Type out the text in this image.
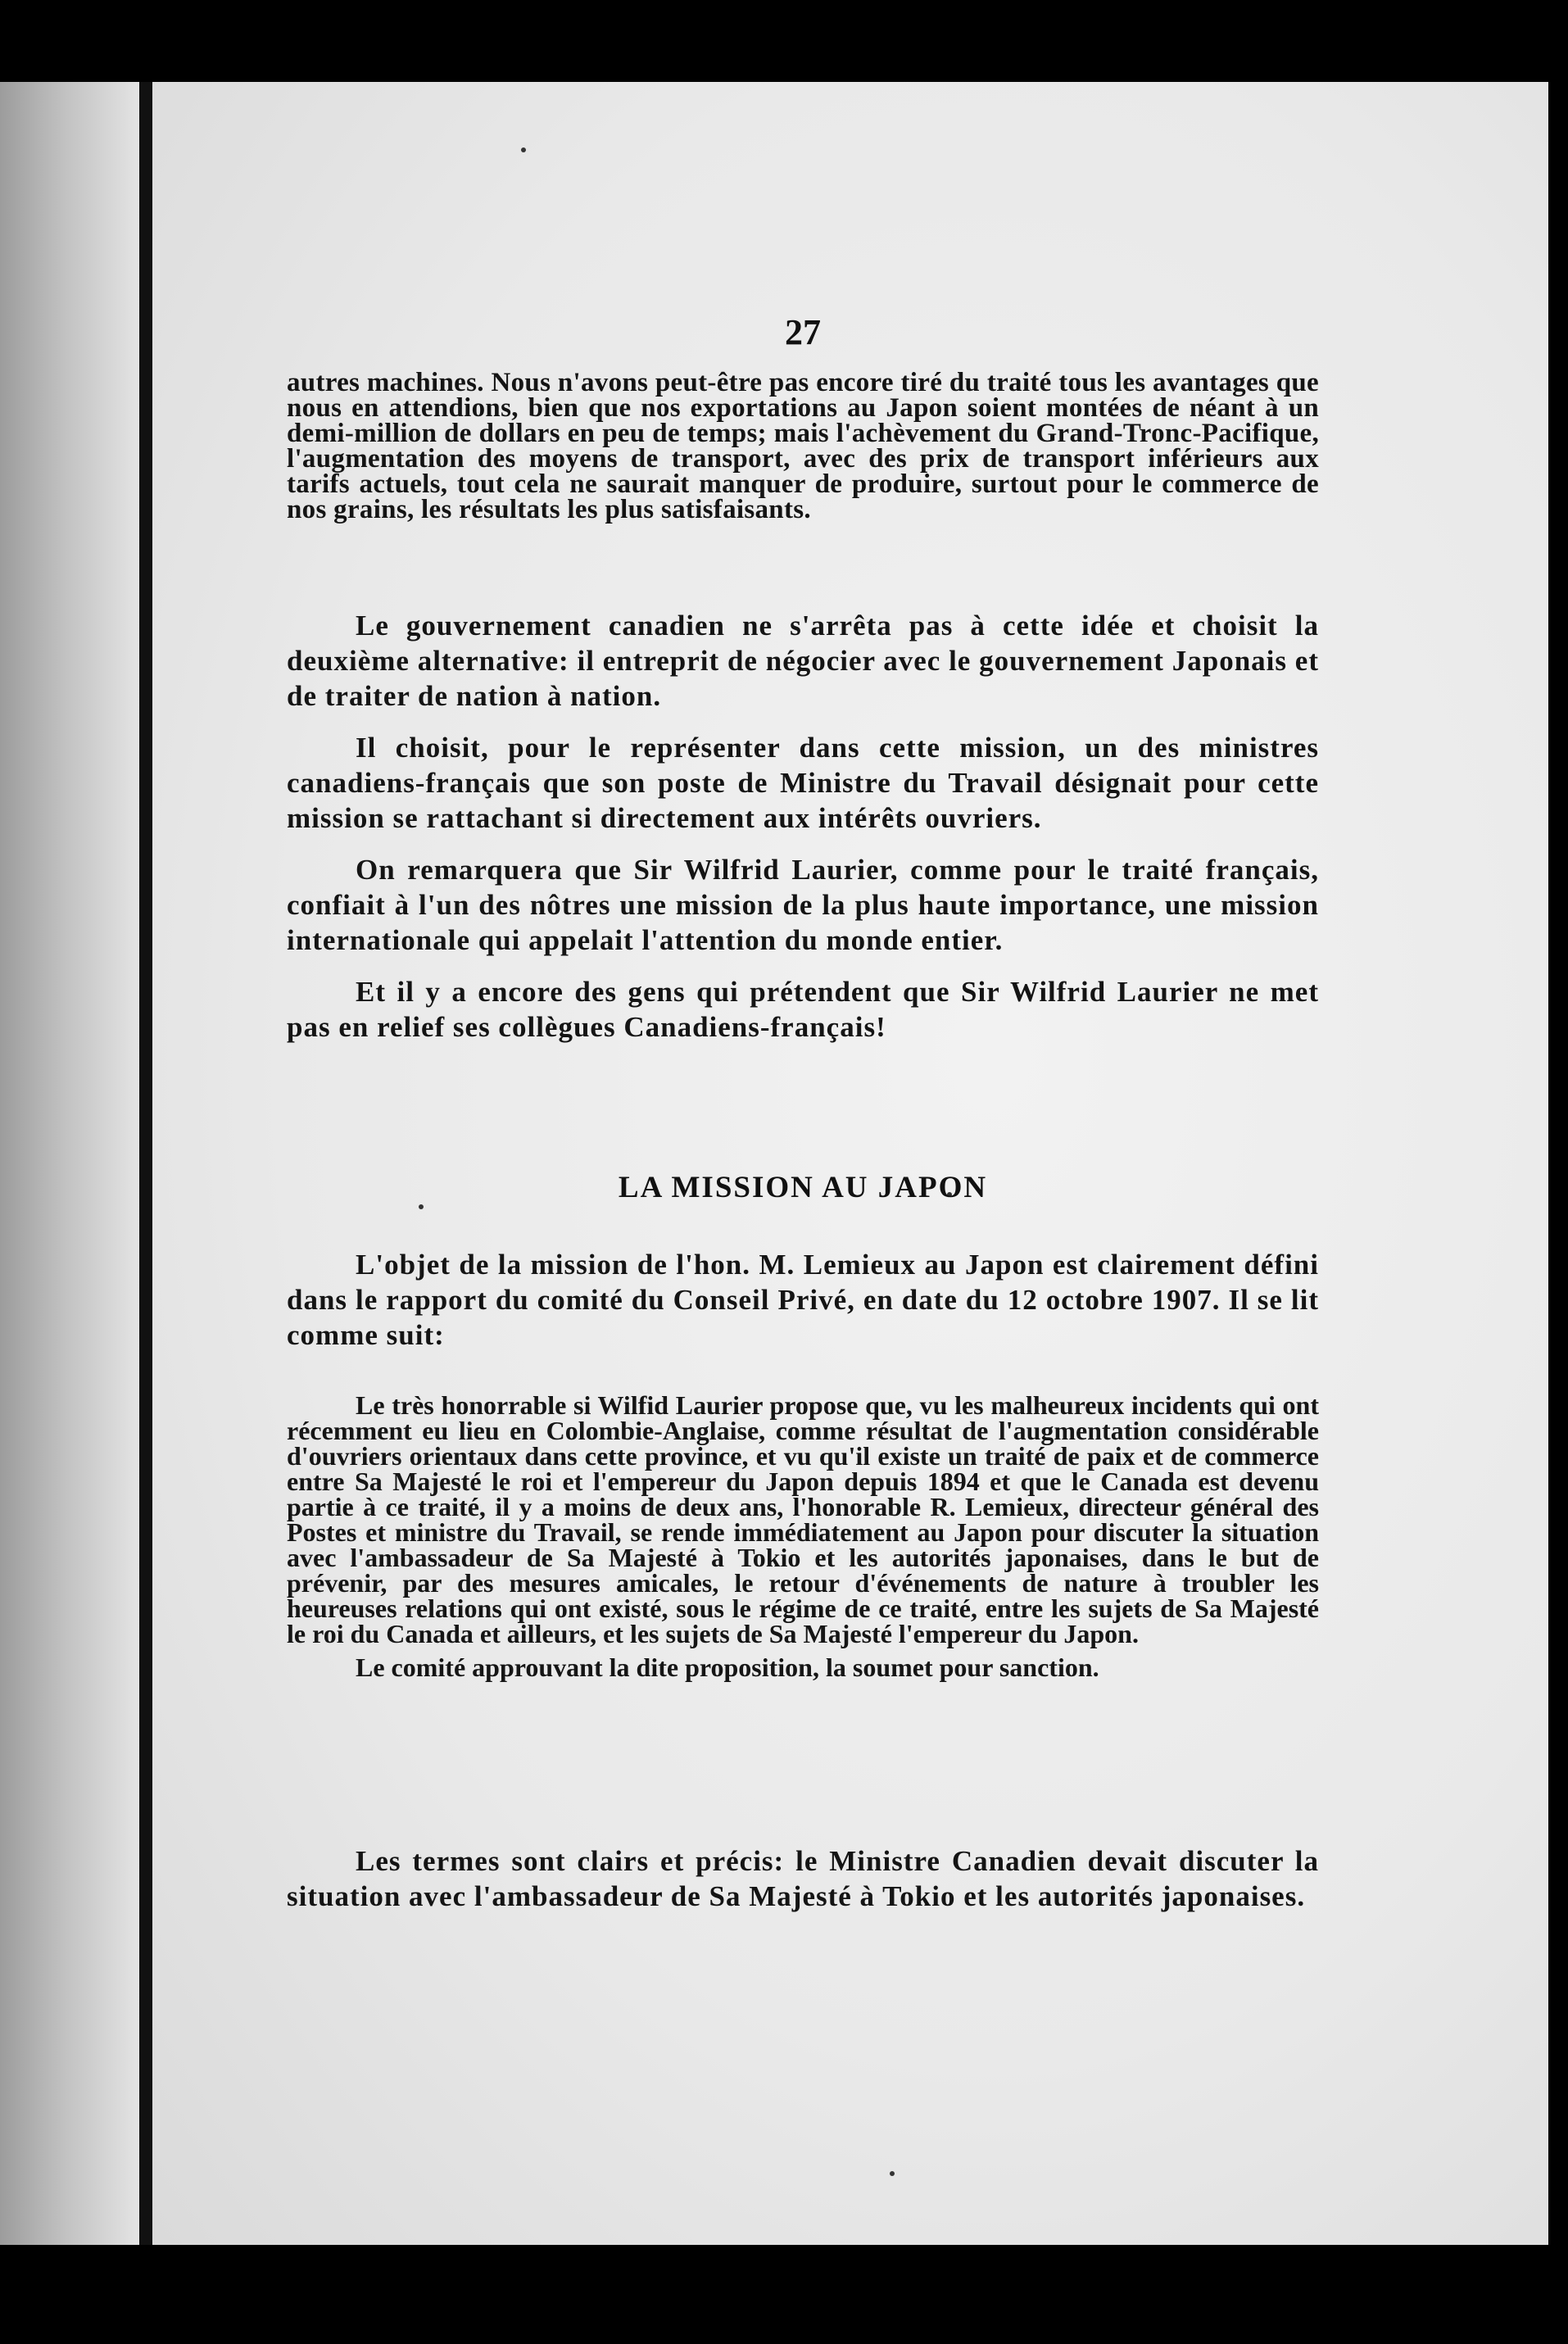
27

autres machines. Nous n'avons peut-être pas encore tiré du traité tous les avantages que nous en attendions, bien que nos exportations au Japon soient montées de néant à un demi-million de dollars en peu de temps; mais l'achèvement du Grand-Tronc-Pacifique, l'augmentation des moyens de transport, avec des prix de transport inférieurs aux tarifs actuels, tout cela ne saurait manquer de produire, surtout pour le commerce de nos grains, les résultats les plus satisfaisants.

Le gouvernement canadien ne s'arrêta pas à cette idée et choisit la deuxième alternative: il entreprit de négocier avec le gouvernement Japonais et de traiter de nation à nation.

Il choisit, pour le représenter dans cette mission, un des ministres canadiens-français que son poste de Ministre du Travail désignait pour cette mission se rattachant si directement aux intérêts ouvriers.

On remarquera que Sir Wilfrid Laurier, comme pour le traité français, confiait à l'un des nôtres une mission de la plus haute importance, une mission internationale qui appelait l'attention du monde entier.

Et il y a encore des gens qui prétendent que Sir Wilfrid Laurier ne met pas en relief ses collègues Canadiens-français!

LA MISSION AU JAPON

L'objet de la mission de l'hon. M. Lemieux au Japon est clairement défini dans le rapport du comité du Conseil Privé, en date du 12 octobre 1907. Il se lit comme suit:

Le très honorrable si Wilfid Laurier propose que, vu les malheureux incidents qui ont récemment eu lieu en Colombie-Anglaise, comme résultat de l'augmentation considérable d'ouvriers orientaux dans cette province, et vu qu'il existe un traité de paix et de commerce entre Sa Majesté le roi et l'empereur du Japon depuis 1894 et que le Canada est devenu partie à ce traité, il y a moins de deux ans, l'honorable R. Lemieux, directeur général des Postes et ministre du Travail, se rende immédiatement au Japon pour discuter la situation avec l'ambassadeur de Sa Majesté à Tokio et les autorités japonaises, dans le but de prévenir, par des mesures amicales, le retour d'événements de nature à troubler les heureuses relations qui ont existé, sous le régime de ce traité, entre les sujets de Sa Majesté le roi du Canada et ailleurs, et les sujets de Sa Majesté l'empereur du Japon.

Le comité approuvant la dite proposition, la soumet pour sanction.

Les termes sont clairs et précis: le Ministre Canadien devait discuter la situation avec l'ambassadeur de Sa Majesté à Tokio et les autorités japonaises.
